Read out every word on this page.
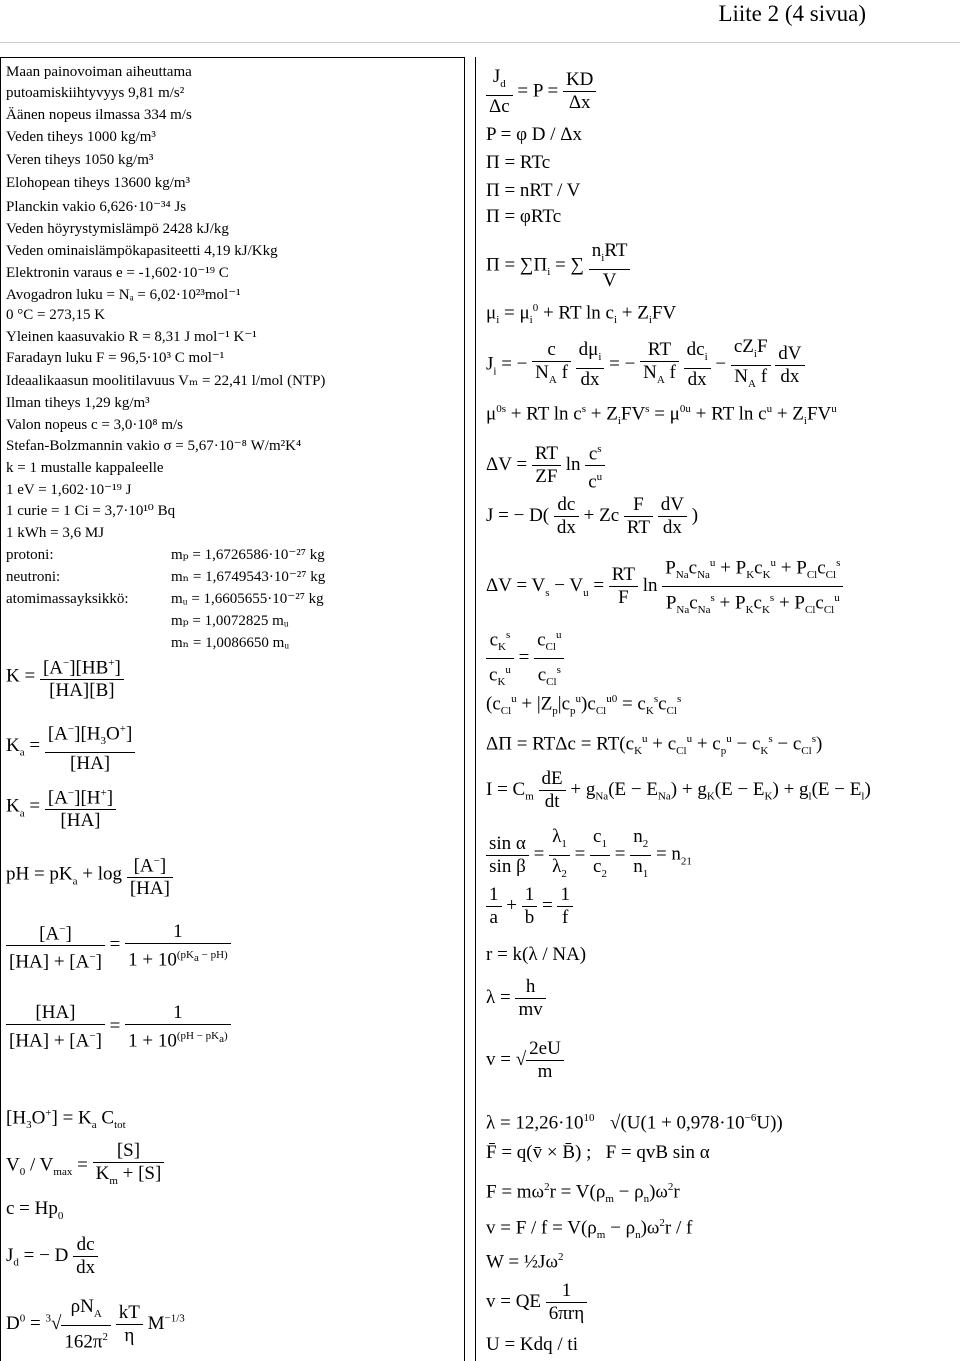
Liite 2 (4 sivua)
Maan painovoiman aiheuttama
putoamiskiihtyvyys 9,81 m/s²
Äänen nopeus ilmassa 334 m/s
Veden tiheys 1000 kg/m³
Veren tiheys 1050 kg/m³
Elohopean tiheys 13600 kg/m³
Planckin vakio 6,626·10⁻³⁴ Js
Veden höyrystymislämpö 2428 kJ/kg
Veden ominaislämpökapasiteetti 4,19 kJ/Kkg
Elektronin varaus e = -1,602·10⁻¹⁹ C
Avogadron luku = Nₐ = 6,02·10²³mol⁻¹
0 °C = 273,15 K
Yleinen kaasuvakio R = 8,31 J mol⁻¹ K⁻¹
Faradayn luku F = 96,5·10³ C mol⁻¹
Ideaalikaasun moolitilavuus Vₘ = 22,41 l/mol (NTP)
Ilman tiheys 1,29 kg/m³
Valon nopeus c = 3,0·10⁸ m/s
Stefan-Bolzmannin vakio σ = 5,67·10⁻⁸ W/m²K⁴
k = 1 mustalle kappaleelle
1 eV = 1,602·10⁻¹⁹ J
1 curie = 1 Ci = 3,7·10¹⁰ Bq
1 kWh = 3,6 MJ
protoni:	mₚ = 1,6726586·10⁻²⁷ kg
neutroni:	mₙ = 1,6749543·10⁻²⁷ kg
atomimassayksikkö:	mᵤ = 1,6605655·10⁻²⁷ kg
mₚ = 1,0072825 mᵤ
mₙ = 1,0086650 mᵤ
$K = \frac{[A^-][HB^+]}{[HA][B]}$
$K_a = \frac{[A^-][H_3O^+]}{[HA]}$
$K_a = \frac{[A^-][H^+]}{[HA]}$
pH = $pK_a + \log \frac{[A^-]}{[HA]}$
$\frac{[A^-]}{[HA] + [A^-]} = \frac{1}{1 + 10^{(pK_a - pH)}}$
$\frac{[HA]}{[HA] + [A^-]} = \frac{1}{1 + 10^{(pH - pK_a)}}$
$[H_3O^+] = K_a$ $C_{tot}$
$V_0 / V_{max} = \frac{[S]}{K_m + [S]}$
$c = Hp_0$
$J_d$ = − D $\frac{dc}{dx}$
$D^0 = ^3√ \frac{\rho N_A}{162\pi^2}$
$\frac{kT}{\eta} M^{-1/3}$
$\frac{J_d}{\Delta c} = P = \frac{KD}{\Delta x}$
P = φ D / Δx
Π = RTc
Π = nRT / V
Π = φRTc
$\Pi = \sum\Pi_i$ = ∑ $\frac{n_iRT}{V}$
$\mu_i = \mu_i^0$ + RT $\ln c_i + Z_iFV$
$J_i$ = − $\frac{c}{N_A f}$
$\frac{d\mu_i}{dx}$ = − $\frac{RT}{N_A f}$
$\frac{dc_i}{dx} - \frac{cZ_iF}{N_A f}$
$\frac{dV}{dx}$
$\mu^{0s}$ + RT $\ln c^s + Z_iFV^s = \mu^{0u}$ + RT $\ln c^u + Z_iFV^u$
$\Delta V = \frac{RT}{ZF}$ $\ln \frac{c^s}{c^u}$
J = − $D( \frac{dc}{dx} + Zc \frac{F}{RT}$
$\frac{dV}{dx}$ )
$\Delta V = V_s - V_u = \frac{RT}{F}$ $\ln \frac{P_{Na}c_{Na}^u + P_Kc_K^u + P_{Cl}c_{Cl}^s}{P_{Na}c_{Na}^s + P_Kc_K^s + P_{Cl}c_{Cl}^u}$
$\frac{c_K^s}{c_K^u} = \frac{c_{Cl}^u}{c_{Cl}^s}$
$(c_{Cl}^u + |Z_p|c_p^u)c_{Cl}^{u0} = c_K^sc_{Cl}^s$
$\Delta\Pi = RT\Delta c = RT(c_K^u + c_{Cl}^u + c_p^u - c_K^s - c_{Cl}^s)$
$I = C_m \frac{dE}{dt} + g_{Na}(E - E_{Na}) + g_K(E - E_K) + g_l(E - E_l)$
$\frac{\text{sin α}}{\text{sin β}} = \frac{\lambda_1}{\lambda_2} = \frac{c_1}{c_2} = \frac{n_2}{n_1} = n_{21}$
$\frac{1}{a} + \frac{1}{b} = \frac{1}{f}$
r = k(λ / NA)
$\lambda = \frac{h}{mv}$
v = √ $\frac{2eU}{m}$
$\lambda = 12,26\cdot 10^{10}$

$√(U(1 + 0,978\cdot 10^{-6}U))$
F̄ = q(v̄ × B̄) ;   F = qvB sin α
$F = m\omega^2r = V(\rho_m - \rho_n)\omega^2r$
$v = F / f = V(\rho_m - \rho_n)\omega^2r / f$
$W = \frac{1}{2}J\omega^2$
v = QE $\frac{1}{\text{6πrη}}$
U = Kdq / ti
